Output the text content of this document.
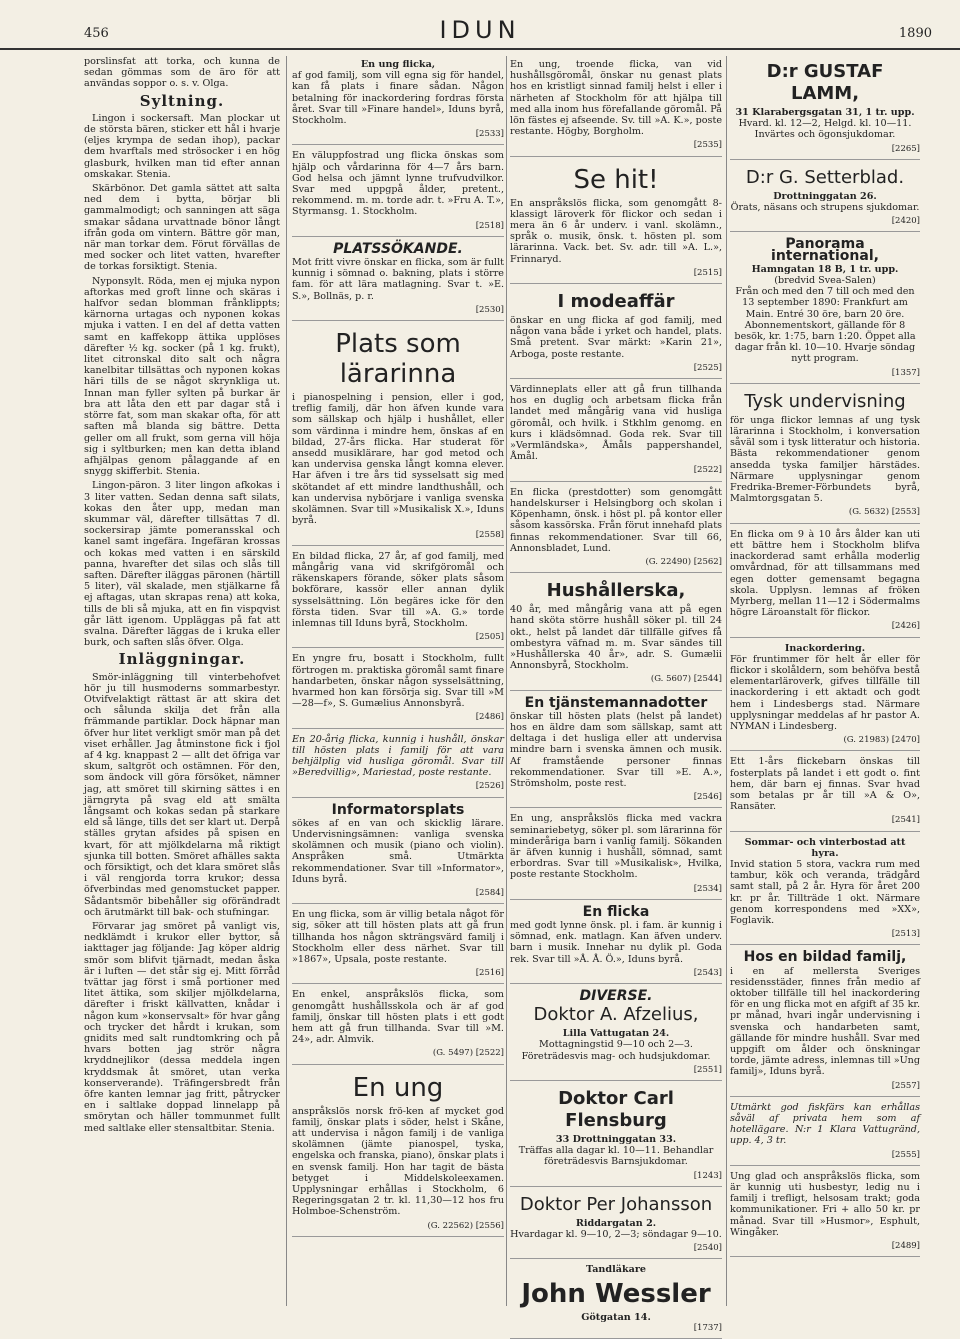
456	IDUN	1890

porslinsfat att torka, och kunna de sedan gömmas som de äro för att användas soppor o. s. v. Olga.

Syltning.

Lingon i sockersaft. Man plockar ut de största bären, sticker ett hål i hvarje (eljes krympa de sedan ihop), packar dem hvarftals med strösocker i en hög glasburk, hvilken man tid efter annan omskakar. Stenia.

Skärbönor. Det gamla sättet att salta ned dem i bytta, börjar bli gammalmodigt; och sanningen att säga smakar sådana urvattnade bönor långt ifrån goda om vintern. Bättre gör man, när man torkar dem. Förut förvällas de med socker och litet vatten, hvarefter de torkas forsiktigt. Stenia.

Nyponsylt. Röda, men ej mjuka nypon aftorkas med groft linne och skäras i halfvor sedan blomman frånklippts; kärnorna urtagas och nyponen kokas mjuka i vatten. I en del af detta vatten samt en kaffekopp ättika upplöses därefter ½ kg. socker (på 1 kg. frukt), litet citronskal dito salt och några kanelbitar tillsättas och nyponen kokas häri tills de se något skrynkliga ut. Innan man fyller sylten på burkar är bra att låta den ett par dagar stå i större fat, som man skakar ofta, för att saften må blanda sig bättre. Detta geller om all frukt, som gerna vill höja sig i syltburken; men kan detta ibland afhjälpas genom pålaggande af en snygg skifferbit. Stenia.

Lingon-päron. 3 liter lingon afkokas i 3 liter vatten. Sedan denna saft silats, kokas den åter upp, medan man skummar väl, därefter tillsättas 7 dl. sockersirap jämte pomeransskal och kanel samt ingefära. Ingefäran krossas och kokas med vatten i en särskild panna, hvarefter det silas och slås till saften. Därefter iläggas päronen (härtill 5 liter), väl skalade, men stjälkarne få ej aftagas, utan skrapas rena) att koka, tills de bli så mjuka, att en fin vispqvist går lätt igenom. Uppläggas på fat att svalna. Därefter läggas de i kruka eller burk, och saften slås öfver. Olga.

Inläggningar.

Smör-inläggning till vinterbehofvet hör ju till husmoderns sommarbestyr. Otvifvelaktigt rättast är att skira det och sålunda skilja det från alla främmande partiklar. Dock häpnar man öfver hur litet verkligt smör man på det viset erhåller. Jag åtminstone fick i fjol af 4 kg. knappast 2 — allt det öfriga var skum, saltgröt och ostämnen. För den, som ändock vill göra försöket, nämner jag, att smöret till skirning sättes i en järngryta på svag eld att smälta långsamt och kokas sedan på starkare eld så länge, tills det ser klart ut. Derpå ställes grytan afsides på spisen en kvart, för att mjölkdelarna må riktigt sjunka till botten. Smöret afhälles sakta och försiktigt, och det klara smöret slås i väl rengjorda torra krukor; dessa öfverbindas med genomstucket papper. Sådantsmör bibehåller sig oförändradt och ärutmärkt till bak- och stufningar.

Förvarar jag smöret på vanligt vis, nedklämdt i krukor eller byttor, så iakttager jag följande: Jag köper aldrig smör som blifvit tjärnadt, medan åska är i luften — det står sig ej. Mitt förråd tvättar jag först i små portioner med litet ättika, som skiljer mjölkdelarna, därefter i friskt källvatten, knådar i någon kum »konservsalt» för hvar gång och trycker det hårdt i krukan, som gnidits med salt rundtomkring och på hvars botten jag strör några kryddnejlikor (dessa meddela ingen kryddsmak åt smöret, utan verka konserverande). Träfingersbredt från öfre kanten lemnar jag fritt, påtrycker en i saltlake doppad linnelapp på smörytan och häller tommunmet fullt med saltlake eller stensaltbitar. Stenia.

En ung flicka,

af god familj, som vill egna sig för handel, kan få plats i finare sådan. Någon betalning för inackordering fordras första året. Svar till »Finare handel», Iduns byrå, Stockholm.

[2533]

En väluppfostrad ung flicka önskas som hjälp och vårdarinna för 4—7 års barn. God helsa och jämnt lynne trufvudvilkor. Svar med uppgpå ålder, pretent., rekommend. m. m. torde adr. t. »Fru A. T.», Styrmansg. 1. Stockholm.

[2518]
PLATSSÖKANDE.

Mot fritt vivre önskar en flicka, som är fullt kunnig i sömnad o. bakning, plats i större fam. för att lära matlagning. Svar t. »E. S.», Bollnäs, p. r.

[2530]
Plats som lärarinna

i pianospelning i pension, eller i god, treflig familj, där hon äfven kunde vara som sällskap och hjälp i hushållet, eller som värdinna i mindre hem, önskas af en bildad, 27-års flicka. Har studerat för ansedd musiklärare, har god metod och kan undervisa genska långt komna elever. Har äfven i tre års tid sysselsatt sig med skötandet af ett mindre landthushåll, och kan undervisa nybörjare i vanliga svenska skolämnen. Svar till »Musikalisk X.», Iduns byrå.

[2558]

En bildad flicka, 27 år, af god familj, med mångårig vana vid skrifgöromål och räkenskapers förande, söker plats såsom bokförare, kassör eller annan dylik sysselsättning. Lön begäres icke för den första tiden. Svar till »A. G.» torde inlemnas till Iduns byrå, Stockholm.

[2505]

En yngre fru, bosatt i Stockholm, fullt förtrogen m. praktiska göromål samt finare handarbeten, önskar någon sysselsättning, hvarmed hon kan försörja sig. Svar till »M—28—f», S. Gumælius Annonsbyrå.

[2486]

En 20-årig flicka, kunnig i hushåll, önskar till hösten plats i familj för att vara behjälplig vid husliga göromål. Svar till »Beredvillig», Mariestad, poste restante.

[2526]
Informatorsplats

sökes af en van och skicklig lärare. Undervisningsämnen: vanliga svenska skolämnen och musik (piano och violin). Anspråken små. Utmärkta rekommendationer. Svar till »Informator», Iduns byrå.

[2584]

En ung flicka, som är villig betala något för sig, söker att till hösten plats att gå frun tillhanda hos någon skträngsvärd familj i Stockholm eller dess närhet. Svar till »1867», Upsala, poste restante.

[2516]

En enkel, anspråkslös flicka, som genomgått hushållsskola och är af god familj, önskar till hösten plats i ett godt hem att gå frun tillhanda. Svar till »M. 24», adr. Almvik.

(G. 5497) [2522]
En ung

anspråkslös norsk frö-ken af mycket god familj, önskar plats i söder, helst i Skåne, att undervisa i någon familj i de vanliga skolämnen (jämte pianospel, tyska, engelska och franska, piano), önskar plats i en svensk familj. Hon har tagit de bästa betyget i Middelskoleexamen. Upplysningar erhållas i Stockholm, 6 Regeringsgatan 2 tr. kl. 11,30—12 hos fru Holmboe-Schenström.

(G. 22562) [2556]

En ung, troende flicka, van vid hushållsgöromål, önskar nu genast plats hos en kristligt sinnad familj helst i eller i närheten af Stockholm för att hjälpa till med alla inom hus förefallande göromål. På lön fästes ej afseende. Sv. till »A. K.», poste restante. Högby, Borgholm.

[2535]
Se hit!

En anspråkslös flicka, som genomgått 8-klassigt läroverk för flickor och sedan i mera än 6 år underv. i vanl. skolämn., språk o. musik, önsk. t. hösten pl. som lärarinna. Vack. bet. Sv. adr. till »A. L.», Frinnaryd.

[2515]
I modeaffär

önskar en ung flicka af god familj, med någon vana både i yrket och handel, plats. Små pretent. Svar märkt: »Karin 21», Arboga, poste restante.

[2525]

Värdinneplats eller att gå frun tillhanda hos en duglig och arbetsam flicka från landet med mångårig vana vid husliga göromål, och hvilk. i Stkhlm genomg. en kurs i klädsömnad. Goda rek. Svar till »Vermländska», Åmåls pappershandel, Åmål.

[2522]

En flicka (prestdotter) som genomgått handelskurser i Helsingborg och skolan i Köpenhamn, önsk. i höst pl. på kontor eller såsom kassörska. Från förut innehafd plats finnas rekommendationer. Svar till 66, Annonsbladet, Lund.

(G. 22490) [2562]
Hushållerska,

40 år, med mångårig vana att på egen hand sköta större hushåll söker pl. till 24 okt., helst på landet där tillfälle gifves få ombestyra väfnad m. m. Svar sändes till »Hushållerska 40 år», adr. S. Gumælii Annonsbyrå, Stockholm.

(G. 5607) [2544]
En tjänstemannadotter

önskar till hösten plats (helst på landet) hos en äldre dam som sällskap, samt att deltaga i det husliga eller att undervisa mindre barn i svenska ämnen och musik. Af framstående personer finnas rekommendationer. Svar till »E. A.», Strömsholm, poste rest.

[2546]

En ung, anspråkslös flicka med vackra seminariebetyg, söker pl. som lärarinna för minderåriga barn i vanlig familj. Sökanden är äfven kunnig i hushåll, sömnad, samt erbordras. Svar till »Musikalisk», Hvilka, poste restante Stockholm.

[2534]
En flicka

med godt lynne önsk. pl. i fam. är kunnig i sömnad, enk. matlagn. Kan äfven underv. barn i musik. Innehar nu dylik pl. Goda rek. Svar till »Å. Å. Ö.», Iduns byrå.

[2543]
DIVERSE.
Doktor A. Afzelius,
Lilla Vattugatan 24.

Mottagningstid 9—10 och 2—3. Företrädesvis mag- och hudsjukdomar.

[2551]
Doktor Carl Flensburg
33 Drottninggatan 33.

Träffas alla dagar kl. 10—11. Behandlar företrädesvis Barnsjukdomar.

[1243]
Doktor Per Johansson
Riddargatan 2.

Hvardagar kl. 9—10, 2—3; söndagar 9—10.

[2540]
Tandläkare
John Wessler
Götgatan 14.
[1737]
D:r GUSTAF LAMM,
31 Klarabergsgatan 31, 1 tr. upp.

Hvard. kl. 12—2, Helgd. kl. 10—11. Invärtes och ögonsjukdomar.

[2265]
D:r G. Setterblad.
Drottninggatan 26.

Örats, näsans och strupens sjukdomar.

[2420]
Panorama international,
Hamngatan 18 B, 1 tr. upp.
(bredvid Svea-Salen)

Från och med den 7 till och med den 13 september 1890: Frankfurt am Main. Entré 30 öre, barn 20 öre. Abonnementskort, gällande för 8 besök, kr. 1:75, barn 1:20. Öppet alla dagar från kl. 10—10. Hvarje söndag nytt program.

[1357]
Tysk undervisning

för unga flickor lemnas af ung tysk lärarinna i Stockholm, i konversation såväl som i tysk litteratur och historia. Bästa rekommendationer genom ansedda tyska familjer härstädes. Närmare upplysningar genom Fredrika-Bremer-Förbundets byrå, Malmtorgsgatan 5.

(G. 5632) [2553]

En flicka om 9 à 10 års ålder kan uti ett bättre hem i Stockholm blifva inackorderad samt erhålla moderlig omvårdnad, för att tillsammans med egen dotter gemensamt begagna skola. Upplysn. lemnas af fröken Myrberg, mellan 11—12 i Södermalms högre Läroanstalt för flickor.

[2426]
Inackordering.

För fruntimmer för helt år eller för flickor i skolåldern, som behöfva bestå elementarläroverk, gifves tillfälle till inackordering i ett aktadt och godt hem i Lindesbergs stad. Närmare upplysningar meddelas af hr pastor A. NYMAN i Lindesberg.

(G. 21983) [2470]

Ett 1-års flickebarn önskas till fosterplats på landet i ett godt o. fint hem, där barn ej finnas. Svar hvad som betalas pr år till »A & O», Ransäter.

[2541]
Sommar- och vinterbostad att hyra.

Invid station 5 stora, vackra rum med tambur, kök och veranda, trädgård samt stall, på 2 år. Hyra för året 200 kr. pr år. Tillträde 1 okt. Närmare genom korrespondens med »XX», Foglavik.

[2513]
Hos en bildad familj,

i en af mellersta Sveriges residensstäder, finnes från medio af oktober tillfälle till hel inackordering för en ung flicka mot en afgift af 35 kr. pr månad, hvari ingår undervisning i svenska och handarbeten samt, gällande för mindre hushåll. Svar med uppgift om ålder och önskningar torde, jämte adress, inlemnas till »Ung familj», Iduns byrå.

[2557]

Utmärkt god fiskfärs kan erhållas såväl af privata hem som af hotellägare. N:r 1 Klara Vattugränd, upp. 4, 3 tr.

[2555]

Ung glad och anspråkslös flicka, som är kunnig uti husbestyr, ledig nu i familj i trefligt, helsosam trakt; goda kommunikationer. Fri + allo 50 kr. pr månad. Svar till »Husmor», Esphult, Wingåker.

[2489]
